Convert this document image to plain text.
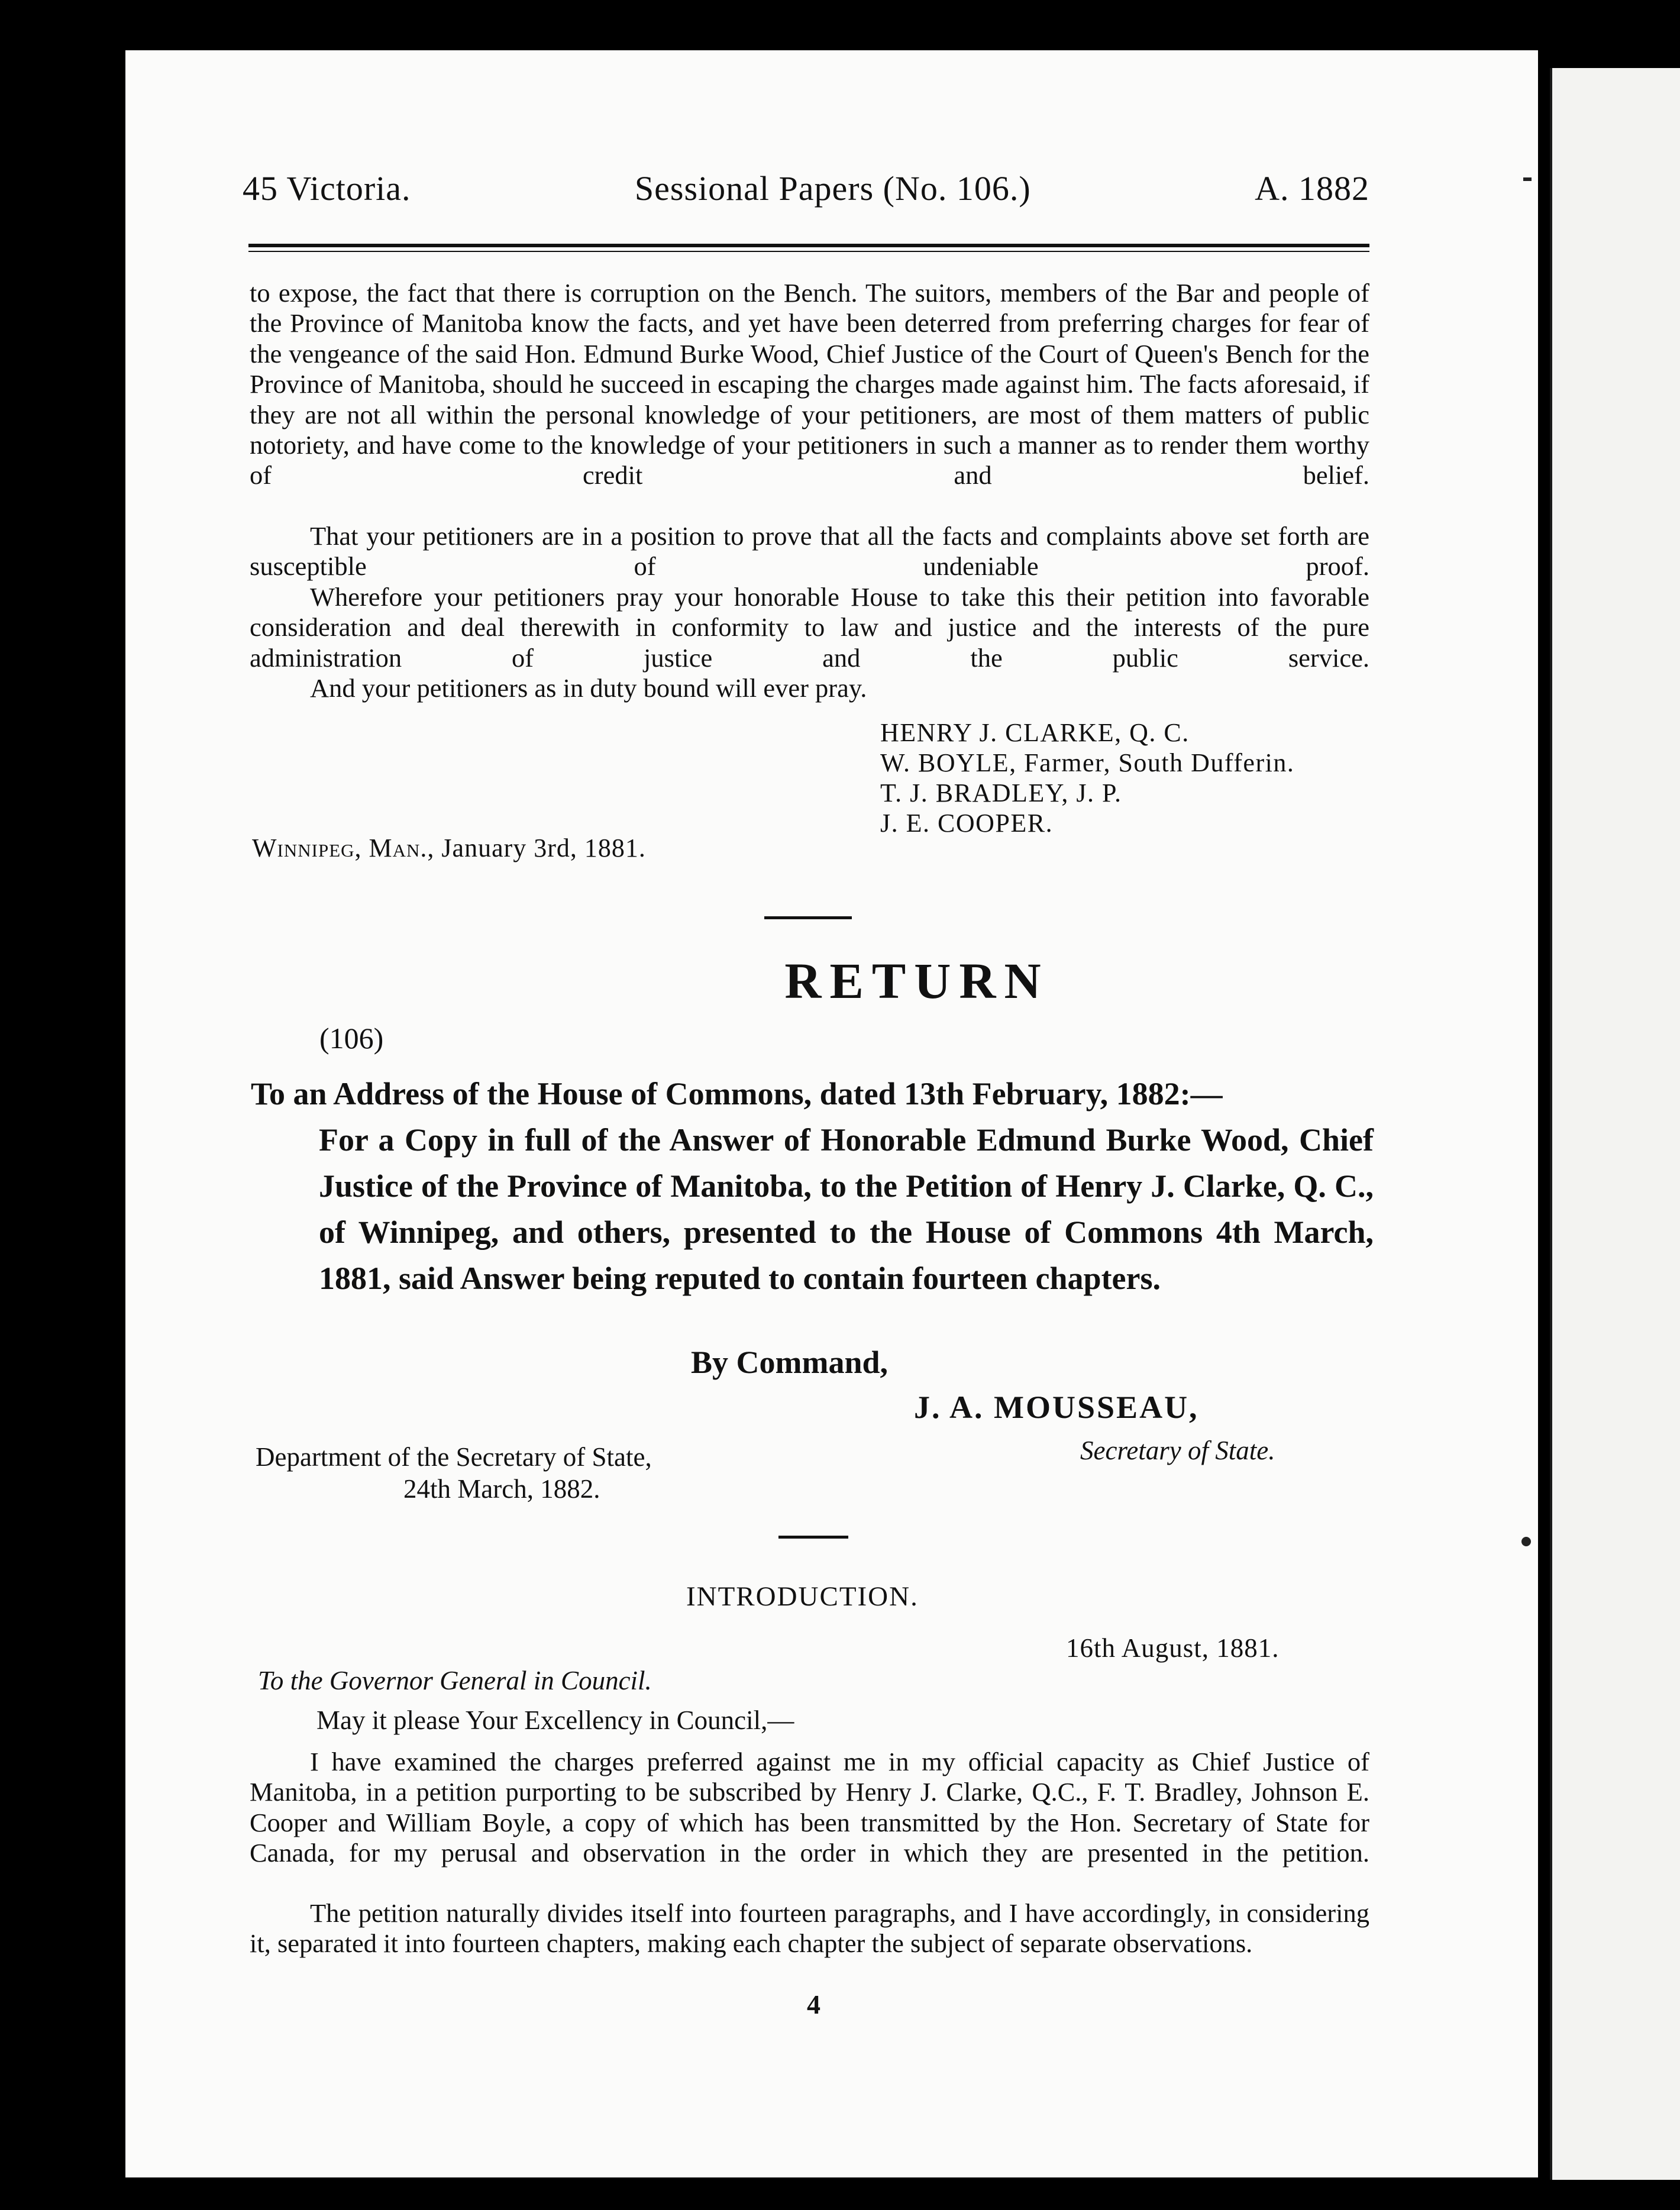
45 Victoria.	Sessional Papers (No. 106.)	A. 1882
to expose, the fact that there is corruption on the Bench. The suitors, members of the Bar and people of the Province of Manitoba know the facts, and yet have been deterred from preferring charges for fear of the vengeance of the said Hon. Edmund Burke Wood, Chief Justice of the Court of Queen's Bench for the Province of Manitoba, should he succeed in escaping the charges made against him. The facts aforesaid, if they are not all within the personal knowledge of your petitioners, are most of them matters of public notoriety, and have come to the knowledge of your petitioners in such a manner as to render them worthy of credit and belief.
That your petitioners are in a position to prove that all the facts and complaints above set forth are susceptible of undeniable proof.
Wherefore your petitioners pray your honorable House to take this their petition into favorable consideration and deal therewith in conformity to law and justice and the interests of the pure administration of justice and the public service.
And your petitioners as in duty bound will ever pray.
HENRY J. CLARKE, Q. C.
W. BOYLE, Farmer, South Dufferin.
T. J. BRADLEY, J. P.
J. E. COOPER.
Winnipeg, Man., January 3rd, 1881.
RETURN
(106)
To an Address of the House of Commons, dated 13th February, 1882:—
For a Copy in full of the Answer of Honorable Edmund Burke Wood, Chief Justice of the Province of Manitoba, to the Petition of Henry J. Clarke, Q. C., of Winnipeg, and others, presented to the House of Commons 4th March, 1881, said Answer being reputed to contain fourteen chapters.
By Command,
J. A. MOUSSEAU,
Secretary of State.
Department of the Secretary of State,
24th March, 1882.
INTRODUCTION.
16th August, 1881.
To the Governor General in Council.
May it please Your Excellency in Council,—
I have examined the charges preferred against me in my official capacity as Chief Justice of Manitoba, in a petition purporting to be subscribed by Henry J. Clarke, Q.C., F. T. Bradley, Johnson E. Cooper and William Boyle, a copy of which has been transmitted by the Hon. Secretary of State for Canada, for my perusal and observation in the order in which they are presented in the petition.
The petition naturally divides itself into fourteen paragraphs, and I have accordingly, in considering it, separated it into fourteen chapters, making each chapter the subject of separate observations.
4
